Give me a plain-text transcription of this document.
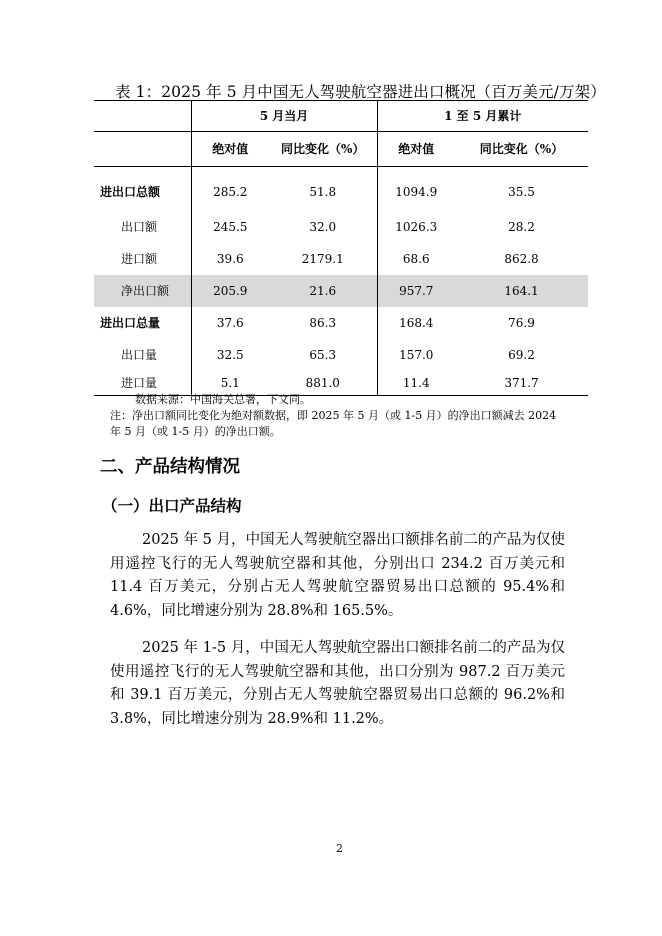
表 1：2025 年 5 月中国无人驾驶航空器进出口概况（百万美元/万架）
	5 月当月		1 至 5 月累计	
	绝对值	同比变化（%）	绝对值	同比变化（%）
进出口总额	285.2	51.8	1094.9	35.5
出口额	245.5	32.0	1026.3	28.2
进口额	39.6	2179.1	68.6	862.8
净出口额	205.9	21.6	957.7	164.1
进出口总量	37.6	86.3	168.4	76.9
出口量	32.5	65.3	157.0	69.2
进口量	5.1	881.0	11.4	371.7
数据来源：中国海关总署，下文同。
注：净出口额同比变化为绝对额数据，即 2025 年 5 月（或 1-5 月）的净出口额减去 2024
年 5 月（或 1-5 月）的净出口额。
二、产品结构情况
（一）出口产品结构

2025 年 5 月，中国无人驾驶航空器出口额排名前二的产品为仅使用遥控飞行的无人驾驶航空器和其他，分别出口 234.2 百万美元和 11.4 百万美元，分别占无人驾驶航空器贸易出口总额的 95.4%和 4.6%，同比增速分别为 28.8%和 165.5%。

2025 年 1-5 月，中国无人驾驶航空器出口额排名前二的产品为仅使用遥控飞行的无人驾驶航空器和其他，出口分别为 987.2 百万美元和 39.1 百万美元，分别占无人驾驶航空器贸易出口总额的 96.2%和 3.8%，同比增速分别为 28.9%和 11.2%。

2
